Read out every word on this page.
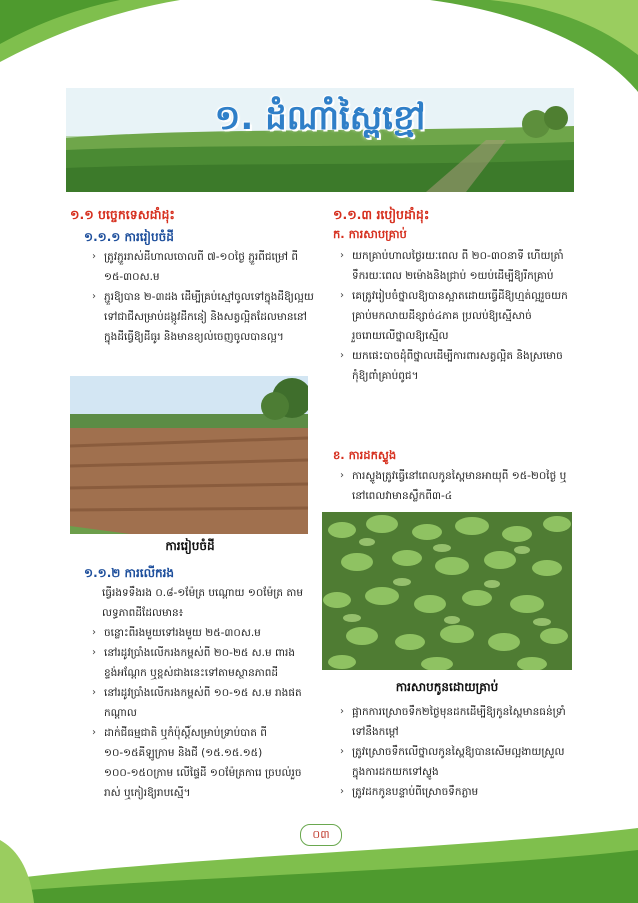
១. ដំណាំស្ពៃខ្មៅ
១.១ បច្ចេកទេសដាំដុះ
១.១.១ ការរៀបចំដី
› ត្រូវភ្ជួររាស់ដីហាលចោលពី ៧-១០ថ្ងៃ ភ្ជួរពីជម្រៅ ពី ១៥-៣០ស.ម
› ភ្ជួរឱ្យបាន ២-៣ដង ដើម្បីគ្រប់ស្មៅចូលទៅក្នុងដីឱ្យល្អយទៅជាជីសម្រាប់ដង្កូវដីកនៀ និងសត្វល្អិតដែលមាននៅក្នុងដីធ្វើឱ្យដីធូរ និងមានខ្យល់ចេញចូលបានល្អ។
ការរៀបចំដី
១.១.២ ការលើករង
ធ្វើរងទទឹងរង ០.៨-១ម៉ែត្រ បណ្តោយ ១០ម៉ែត្រ តាមលទ្ធភាពដីដែលមាន៖
› ចន្លោះពីរងមួយទៅរងមួយ ២៥-៣០ស.ម
› នៅរដូវប្រាំងលើករងកម្ពស់ពី ២០-២៥ ស.ម ពារងខ្ទង់អណ្តែក ឬខ្ពស់ជាងនេះទៅតាមស្ថានភាពដី
› នៅរដូវប្រាំងលើករងកម្ពស់ពី ១០-១៥ ស.ម រាងផតកណ្តាល
› ដាក់ជីធម្មជាតិ ឬកំប៉ុស្តិ៍សម្រាប់ទ្រាប់បាត ពី ១០-១៥គីឡូក្រាម និងជី (១៥.១៥.១៥) ១០០-១៥០ក្រាម លើផ្ទៃដី ១០ម៉ែត្រការេ ច្របល់រួចរាស់ ឬកៀរឱ្យរាបស្មើ។
១.១.៣ របៀបដាំដុះ
ក. ការសាបគ្រាប់
› យកគ្រាប់ហាលថ្ងៃរយៈពេល ពី ២០-៣០នាទី ហើយត្រាំទឹករយៈពេល ២ម៉ោងនិងជ្រាប់ ១យប់ដើម្បីឱ្យរីកគ្រាប់
› គេត្រូវរៀបចំថ្នាលឱ្យបានស្អាតដោយធ្វើដីឱ្យហ្មត់ល្អរួចយកគ្រាប់មកលាយដីខ្សាច់៤ភាគ ប្រលប់ឱ្យស្មើសាច់ រួចរោយលើថ្នាលឱ្យស្មើល
› យកផេះបាចដុំពីថ្នាលដើម្បីការពារសត្វល្អិត និងស្រមោចកុំឱ្យពាំគ្រាប់ពូជ។
ខ. ការដកស្ទូង
› ការស្ទូងត្រូវធ្វើនៅពេលកូនស្ពៃមានអាយុពី ១៥-២០ថ្ងៃ ឬនៅពេលវាមានស្លឹកពី៣-៤
ការសាបកូនដោយគ្រាប់
› ផ្អាកការស្រោចទឹក២ថ្ងៃមុនដកដើម្បីឱ្យកូនស្ពៃមានធន់ទ្រាំទៅនឹងកម្តៅ
› ត្រូវស្រោចទឹកលើថ្នាលកូនស្ពៃឱ្យបានសើមល្អងាយស្រួលក្នុងការដកយកទៅស្ទូង
› ត្រូវដកកូនបន្ទាប់ពីស្រោចទឹកភ្លាម
០៣
